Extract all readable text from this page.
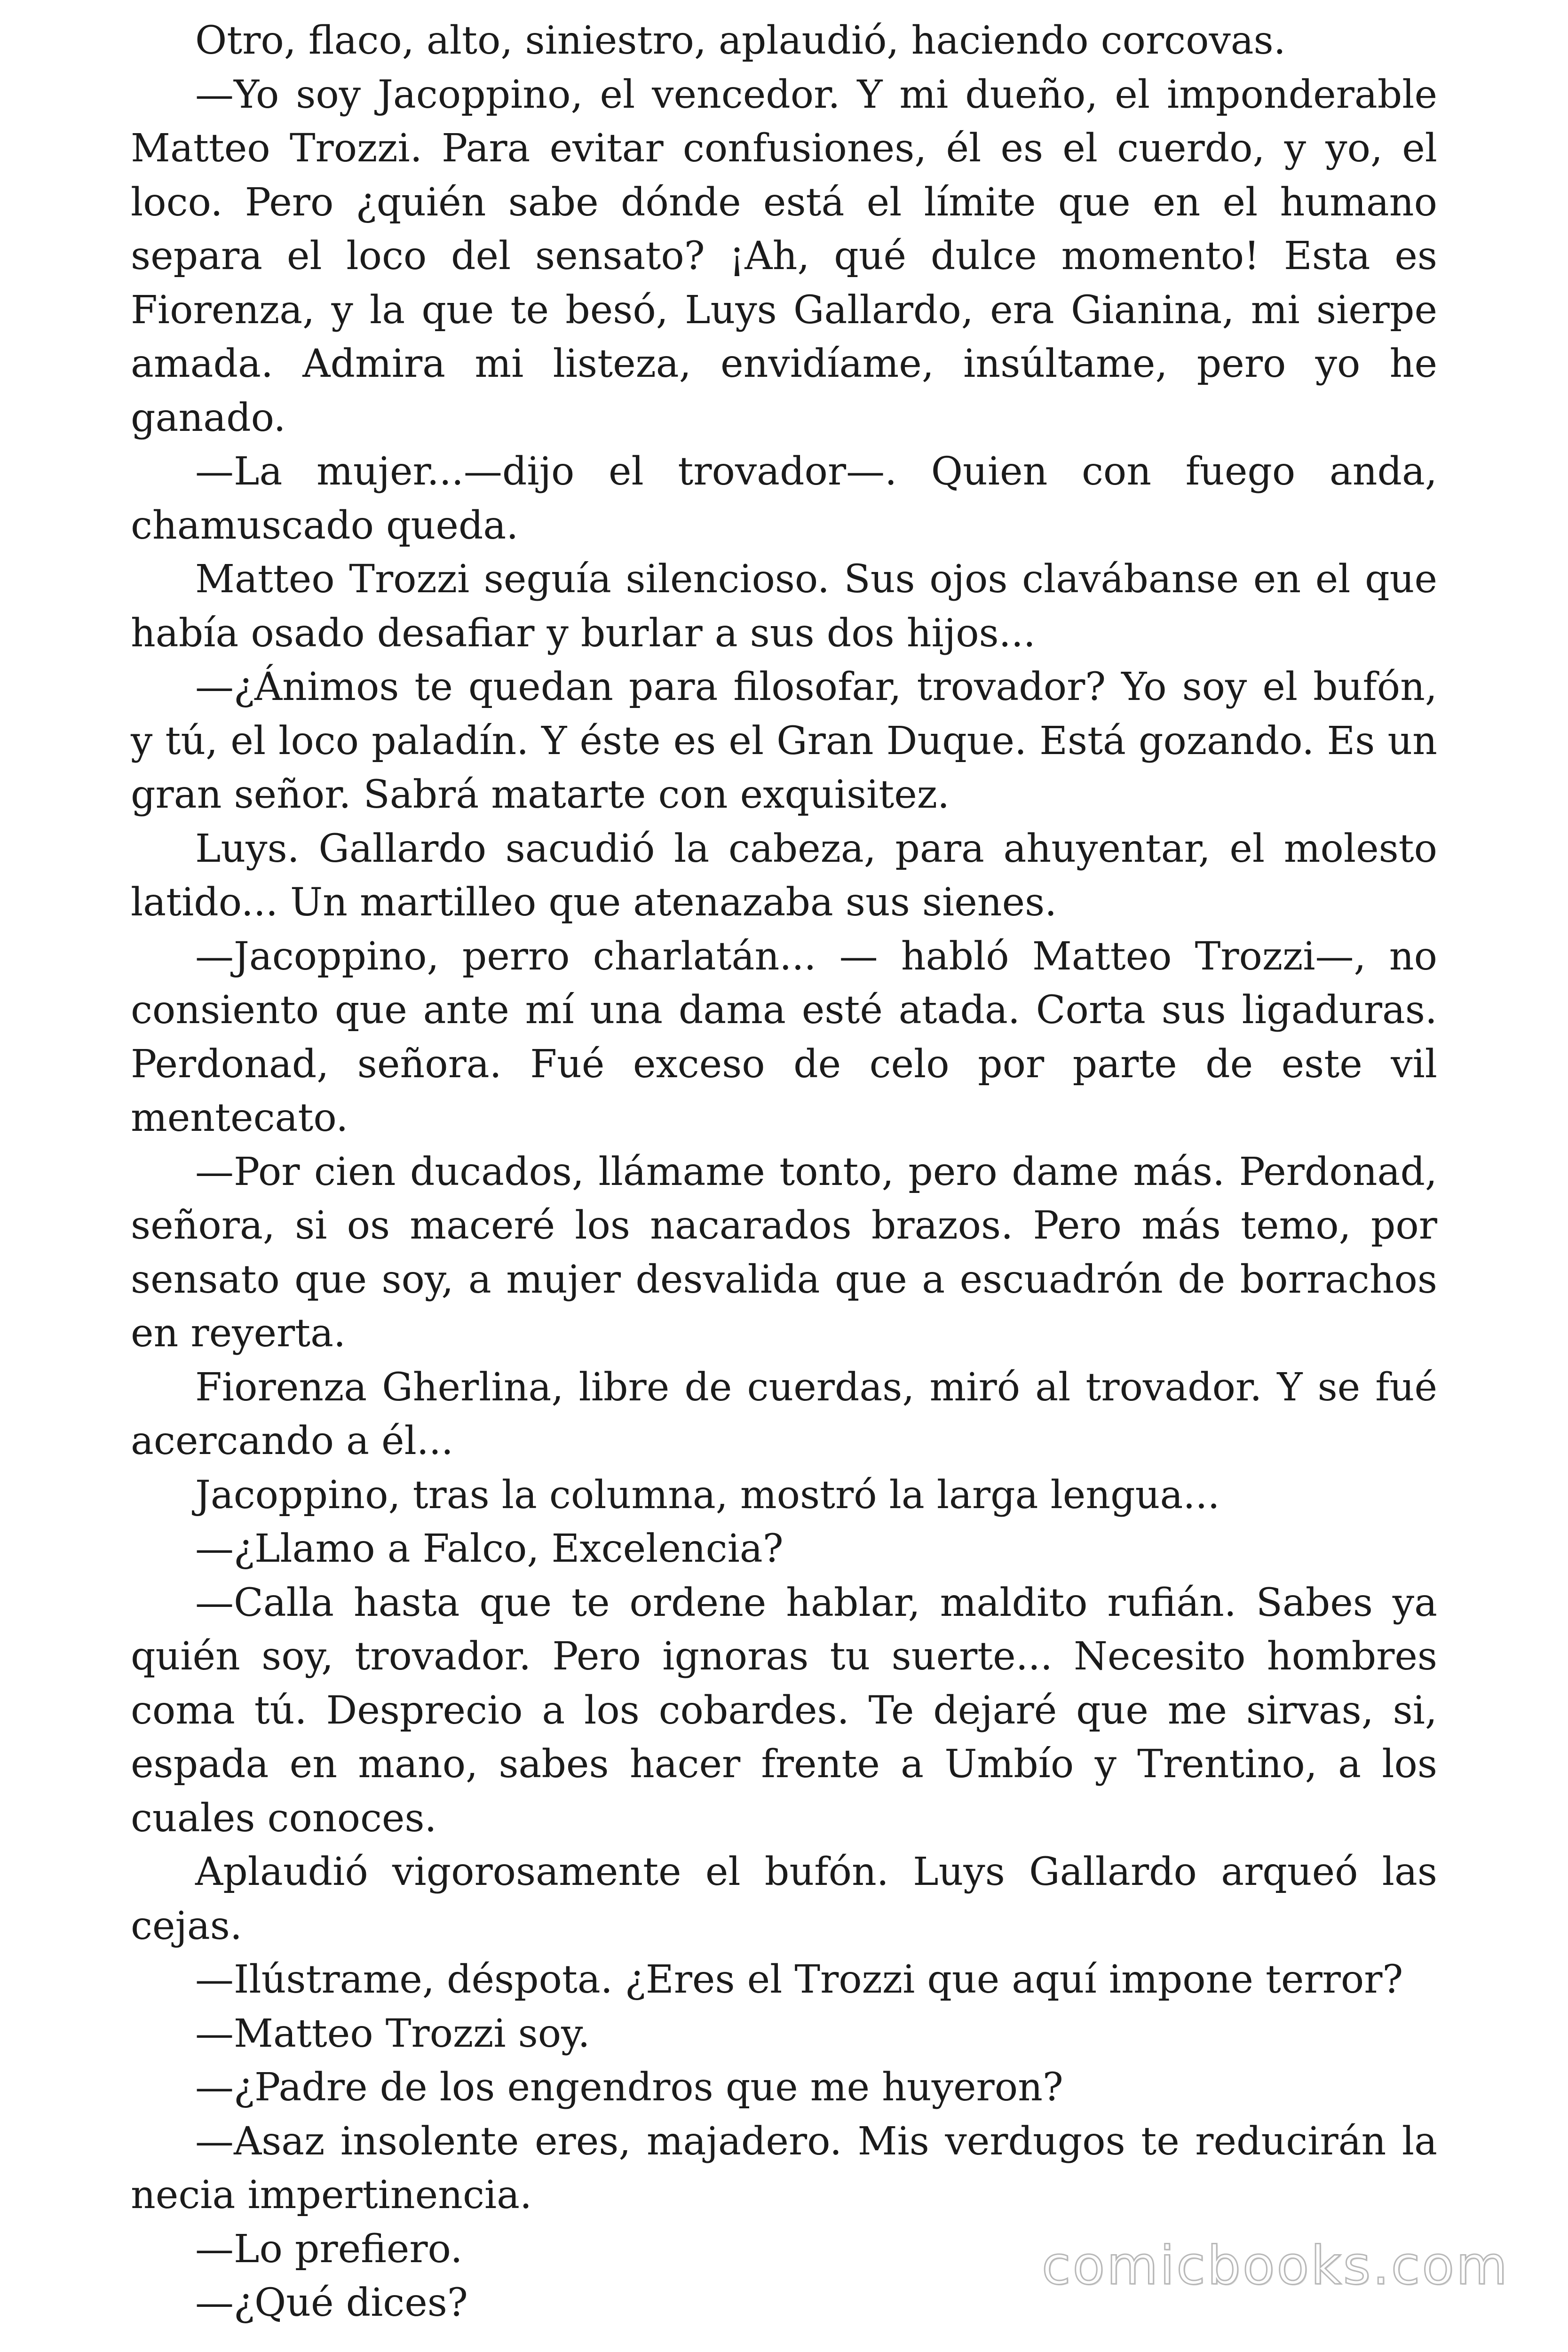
Otro, flaco, alto, siniestro, aplaudió, haciendo corcovas.

—Yo soy Jacoppino, el vencedor. Y mi dueño, el imponderable Matteo Trozzi. Para evitar confusiones, él es el cuerdo, y yo, el loco. Pero ¿quién sabe dónde está el límite que en el humano separa el loco del sensato? ¡Ah, qué dulce momento! Esta es Fiorenza, y la que te besó, Luys Gallardo, era Gianina, mi sierpe amada. Admira mi listeza, envidíame, insúltame, pero yo he ganado.

—La mujer...—dijo el trovador—. Quien con fuego anda, chamuscado queda.

Matteo Trozzi seguía silencioso. Sus ojos clavábanse en el que había osado desafiar y burlar a sus dos hijos...

—¿Ánimos te quedan para filosofar, trovador? Yo soy el bufón, y tú, el loco paladín. Y éste es el Gran Duque. Está gozando. Es un gran señor. Sabrá matarte con exquisitez.

Luys. Gallardo sacudió la cabeza, para ahuyentar, el molesto latido... Un martilleo que atenazaba sus sienes.

—Jacoppino, perro charlatán... — habló Matteo Trozzi—, no consiento que ante mí una dama esté atada. Corta sus ligaduras. Perdonad, señora. Fué exceso de celo por parte de este vil mentecato.

—Por cien ducados, llámame tonto, pero dame más. Perdonad, señora, si os maceré los nacarados brazos. Pero más temo, por sensato que soy, a mujer desvalida que a escuadrón de borrachos en reyerta.

Fiorenza Gherlina, libre de cuerdas, miró al trovador. Y se fué acercando a él...

Jacoppino, tras la columna, mostró la larga lengua...

—¿Llamo a Falco, Excelencia?

—Calla hasta que te ordene hablar, maldito rufián. Sabes ya quién soy, trovador. Pero ignoras tu suerte... Necesito hombres coma tú. Desprecio a los cobardes. Te dejaré que me sirvas, si, espada en mano, sabes hacer frente a Umbío y Trentino, a los cuales conoces.

Aplaudió vigorosamente el bufón. Luys Gallardo arqueó las cejas.

—Ilústrame, déspota. ¿Eres el Trozzi que aquí impone terror?

—Matteo Trozzi soy.

—¿Padre de los engendros que me huyeron?

—Asaz insolente eres, majadero. Mis verdugos te reducirán la necia impertinencia.

—Lo prefiero.

—¿Qué dices?

comicbooks.com
